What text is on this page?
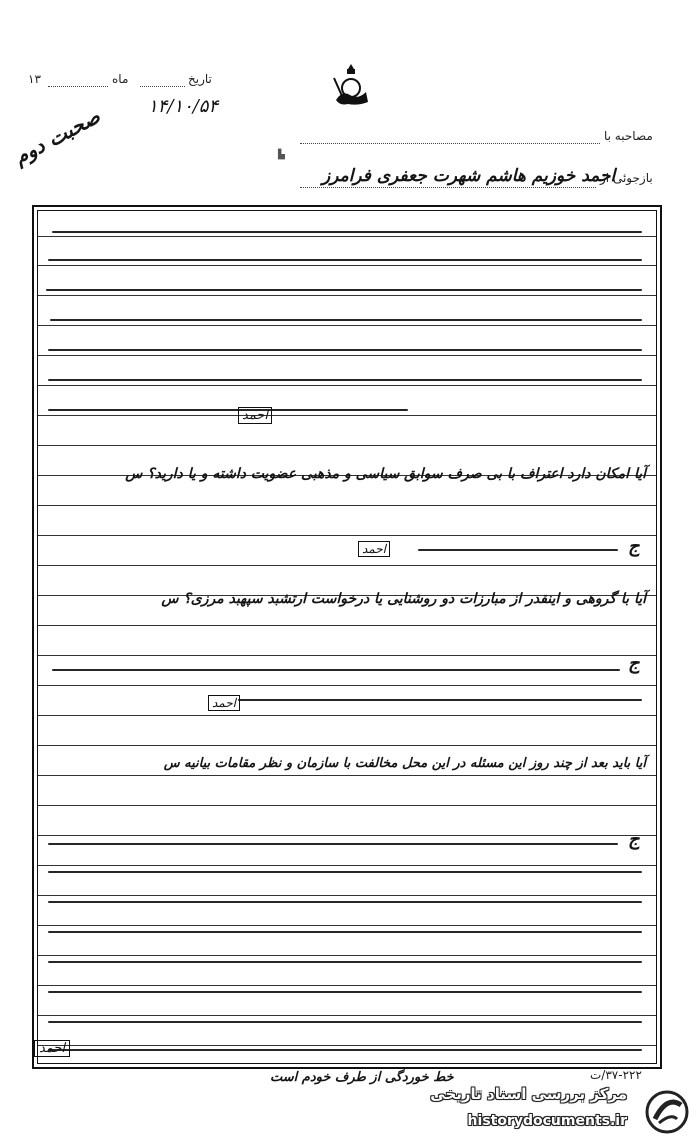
۱۳	ماه	تاریخ
۱۴/۱۰/۵۴
مصاحبه با
بازجوئی از
احمد خوزیم هاشم شهرت جعفری فرامرز
▙
صحبت دوم
احمد
آیا امکان دارد اعتراف با بی صرف سوابق سیاسی و مذهبی عضویت داشته و یا دارید؟ س
ج
احمد
آیا با گروهی و اینقدر از مبارزات دو روشنایی یا درخواست ارتشبد سپهبد مرزی؟ س
ج
احمد
آیا باید بعد از چند روز این مسئله در این محل مخالفت با سازمان و نظر مقامات بیانیه س
ج
احمد
خط خوردگی از طرف خودم است	۳۷-۲۲۲/ت
مرکز بررسی اسناد تاریخی
historydocuments.ir
